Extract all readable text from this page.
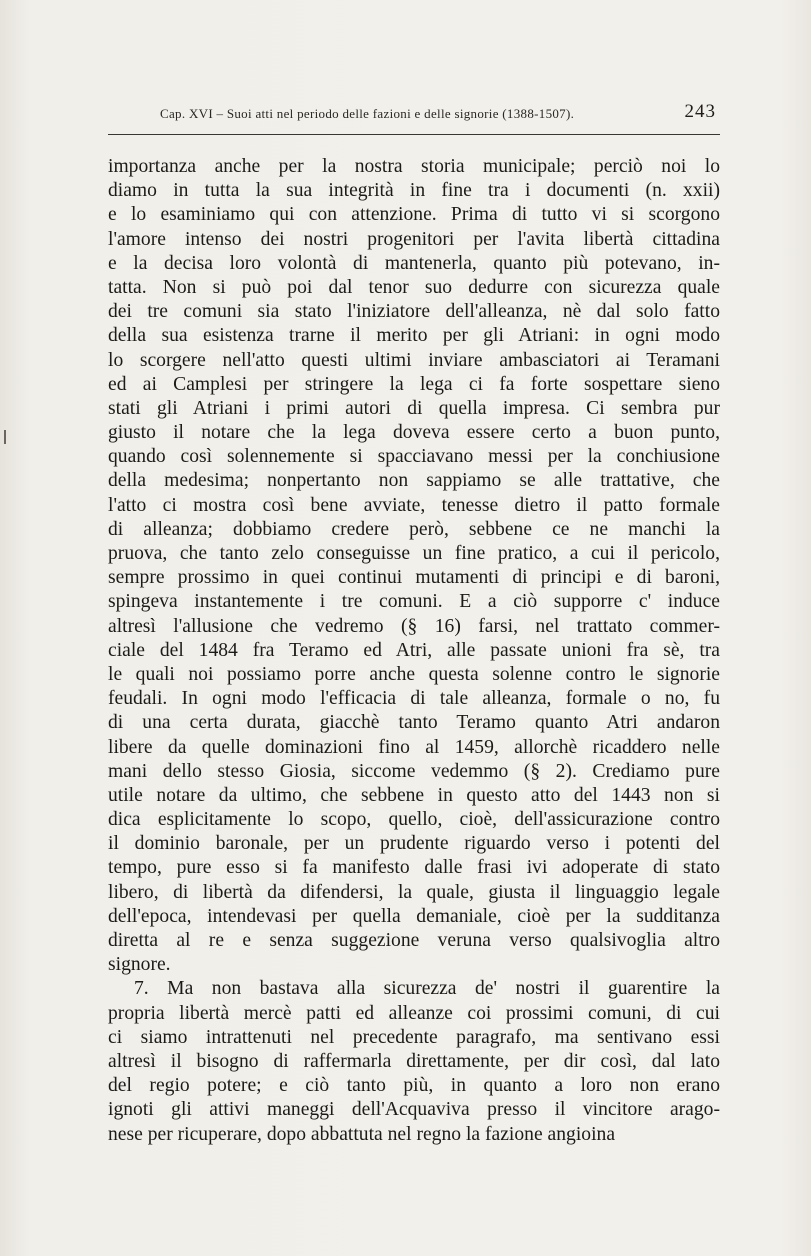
Cap. XVI – Suoi atti nel periodo delle fazioni e delle signorie (1388-1507).	243
importanza anche per la nostra storia municipale; perciò noi lo
diamo in tutta la sua integrità in fine tra i documenti (n. xxii)
e lo esaminiamo qui con attenzione. Prima di tutto vi si scorgono
l'amore intenso dei nostri progenitori per l'avita libertà cittadina
e la decisa loro volontà di mantenerla, quanto più potevano, in-
tatta. Non si può poi dal tenor suo dedurre con sicurezza quale
dei tre comuni sia stato l'iniziatore dell'alleanza, nè dal solo fatto
della sua esistenza trarne il merito per gli Atriani: in ogni modo
lo scorgere nell'atto questi ultimi inviare ambasciatori ai Teramani
ed ai Camplesi per stringere la lega ci fa forte sospettare sieno
stati gli Atriani i primi autori di quella impresa. Ci sembra pur
giusto il notare che la lega doveva essere certo a buon punto,
quando così solennemente si spacciavano messi per la conchiusione
della medesima; nonpertanto non sappiamo se alle trattative, che
l'atto ci mostra così bene avviate, tenesse dietro il patto formale
di alleanza; dobbiamo credere però, sebbene ce ne manchi la
pruova, che tanto zelo conseguisse un fine pratico, a cui il pericolo,
sempre prossimo in quei continui mutamenti di principi e di baroni,
spingeva instantemente i tre comuni. E a ciò supporre c' induce
altresì l'allusione che vedremo (§ 16) farsi, nel trattato commer-
ciale del 1484 fra Teramo ed Atri, alle passate unioni fra sè, tra
le quali noi possiamo porre anche questa solenne contro le signorie
feudali. In ogni modo l'efficacia di tale alleanza, formale o no, fu
di una certa durata, giacchè tanto Teramo quanto Atri andaron
libere da quelle dominazioni fino al 1459, allorchè ricaddero nelle
mani dello stesso Giosia, siccome vedemmo (§ 2). Crediamo pure
utile notare da ultimo, che sebbene in questo atto del 1443 non si
dica esplicitamente lo scopo, quello, cioè, dell'assicurazione contro
il dominio baronale, per un prudente riguardo verso i potenti del
tempo, pure esso si fa manifesto dalle frasi ivi adoperate di stato
libero, di libertà da difendersi, la quale, giusta il linguaggio legale
dell'epoca, intendevasi per quella demaniale, cioè per la sudditanza
diretta al re e senza suggezione veruna verso qualsivoglia altro
signore.
7. Ma non bastava alla sicurezza de' nostri il guarentire la
propria libertà mercè patti ed alleanze coi prossimi comuni, di cui
ci siamo intrattenuti nel precedente paragrafo, ma sentivano essi
altresì il bisogno di raffermarla direttamente, per dir così, dal lato
del regio potere; e ciò tanto più, in quanto a loro non erano
ignoti gli attivi maneggi dell'Acquaviva presso il vincitore arago-
nese per ricuperare, dopo abbattuta nel regno la fazione angioina
